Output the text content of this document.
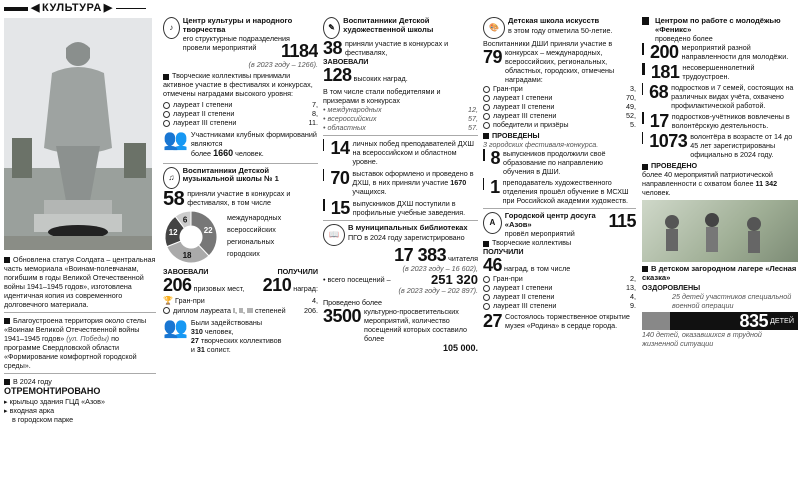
◀ КУЛЬТУРА ▶

Обновлена статуя Солдата – центральная часть мемориала «Воинам-полевчанам, погибшим в годы Великой Отечественной войны 1941–1945 годов», изготовлена идентичная копия из современного долговечного материала.

Благоустроена территория около стелы «Воинам Великой Отечественной войны 1941–1945 годов» (ул. Победы) по программе Свердловской области «Формирование комфортной городской среды».

В 2024 году

ОТРЕМОНТИРОВАНО

▸ крыльцо здания ГЦД «Азов»

▸ входная арка

в городском парке

♪

Центр культуры и народного творчества

его структурные подразделения провели мероприятий	1184

(в 2023 году – 1266).

Творческие коллективы принимали активное участие в фестивалях и конкурсах, отмечены наградами высокого уровня:

лауреат I степени	7,
лауреат II степени	8,
лауреат III степени	11.
👥 Участниками клубных формирований являются

более 1660 человек.

♫

Воспитанники Детской музыкальной школы № 1

58 приняли участие в конкурсах и фестивалях, в том числе

22
18
12
6	международных
всероссийских
региональных
городских
ЗАВОЕВАЛИ	ПОЛУЧИЛИ
206 призовых мест, 210 наград:
🏆 Гран-при	4,
диплом лауреата I, II, III степеней	206.
👥 Были задействованы

310 человек,

27 творческих коллективов

и 31 солист.

✎

Воспитанники Детской художественной школы

38 приняли участие в конкурсах и фестивалях,

ЗАВОЕВАЛИ

128 высоких наград.

В том числе стали победителями и призерами в конкурсах

• международных	12,
• всероссийских	57,
• областных	57.
14 личных побед преподавателей ДХШ на всероссийском и областном уровне.

70 выставок оформлено и проведено в ДХШ, в них приняли участие 1670 учащихся.

15 выпускников ДХШ поступили в профильные учебные заведения.

📖

В муниципальных библиотеках

ПГО в 2024 году зарегистрировано

17 383 читателя

(в 2023 году – 16 602),

• всего посещений –	251 320

(в 2023 году – 202 897).

Проведено более

3500 культурно-просветительских мероприятий, количество посещений которых составило более

105 000.

🎨

Детская школа искусств

в этом году отметила 50-летие.

Воспитанники ДШИ приняли участие в

79 конкурсах – международных, всероссийских, региональных, областных, городских, отмечены наградами:

Гран-при	3,
лауреат I степени	70,
лауреат II степени	49,
лауреат III степени	52,
победители и призёры	5.

ПРОВЕДЕНЫ

3 городских фестиваля-конкурса.

8 выпускников продолжили своё образование по направлению обучения в ДШИ.

1 преподаватель художественного отделения прошёл обучение в МСХШ при Российской академии художеств.

A

Городской центр досуга «Азов»

провёл мероприятий

115

Творческие коллективы

ПОЛУЧИЛИ

46 наград, в том числе

Гран-при	2,
лауреат I степени	13,
лауреат II степени	4,
лауреат III степени	9.
27 Состоялось торжественное открытие музея «Родина» в сердце города.

Центром по работе с молодёжью «Феникс»

проведено более

200 мероприятий разной направленности для молодёжи.

181 несовершеннолетний трудоустроен.

68 подростков и 7 семей, состоящих на различных видах учёта, охвачено профилактической работой.

17 подростков-учётников вовлечены в волонтёрскую деятельность.

1073 волонтёра в возрасте от 14 до 45 лет зарегистрированы официально в 2024 году.

ПРОВЕДЕНО

более 40 мероприятий патриотической направленности с охватом более 11 342 человек.

В детском загородном лагере «Лесная сказка»

ОЗДОРОВЛЕНЫ

25 детей участников специальной военной операции

835
ДЕТЕЙ

140 детей, оказавшихся в трудной жизненной ситуации
